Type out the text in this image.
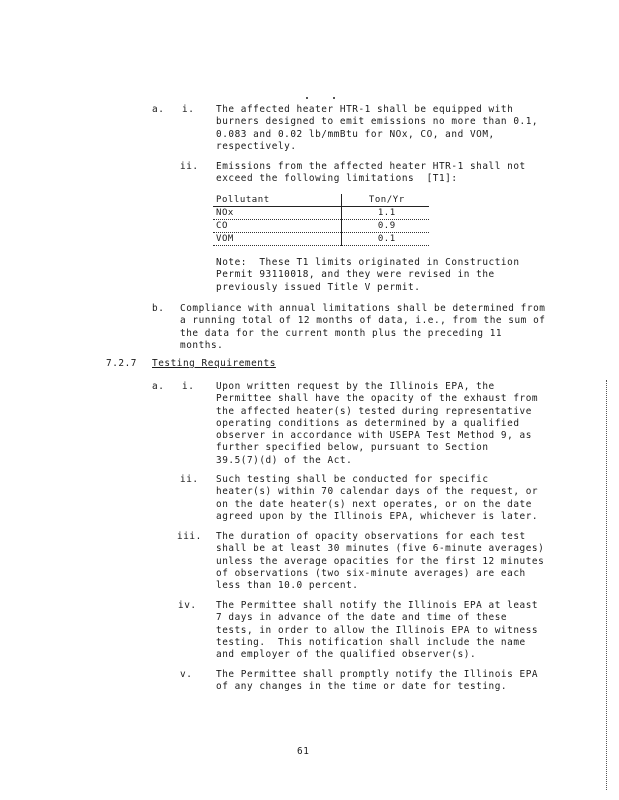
a. i. The affected heater HTR-1 shall be equipped with
burners designed to emit emissions no more than 0.1,
0.083 and 0.02 lb/mmBtu for NOx, CO, and VOM,
respectively.
ii. Emissions from the affected heater HTR-1 shall not
exceed the following limitations  [T1]:
Pollutant	Ton/Yr
NOx	1.1
CO	0.9
VOM	0.1
Note:  These T1 limits originated in Construction
Permit 93110018, and they were revised in the
previously issued Title V permit.
b. Compliance with annual limitations shall be determined from
a running total of 12 months of data, i.e., from the sum of
the data for the current month plus the preceding 11
months.
7.2.7 Testing Requirements
a. i. Upon written request by the Illinois EPA, the
Permittee shall have the opacity of the exhaust from
the affected heater(s) tested during representative
operating conditions as determined by a qualified
observer in accordance with USEPA Test Method 9, as
further specified below, pursuant to Section
39.5(7)(d) of the Act.
ii. Such testing shall be conducted for specific
heater(s) within 70 calendar days of the request, or
on the date heater(s) next operates, or on the date
agreed upon by the Illinois EPA, whichever is later.
iii. The duration of opacity observations for each test
shall be at least 30 minutes (five 6-minute averages)
unless the average opacities for the first 12 minutes
of observations (two six-minute averages) are each
less than 10.0 percent.
iv. The Permittee shall notify the Illinois EPA at least
7 days in advance of the date and time of these
tests, in order to allow the Illinois EPA to witness
testing.  This notification shall include the name
and employer of the qualified observer(s).
v.	The Permittee shall promptly notify the Illinois EPA
of any changes in the time or date for testing.
61
